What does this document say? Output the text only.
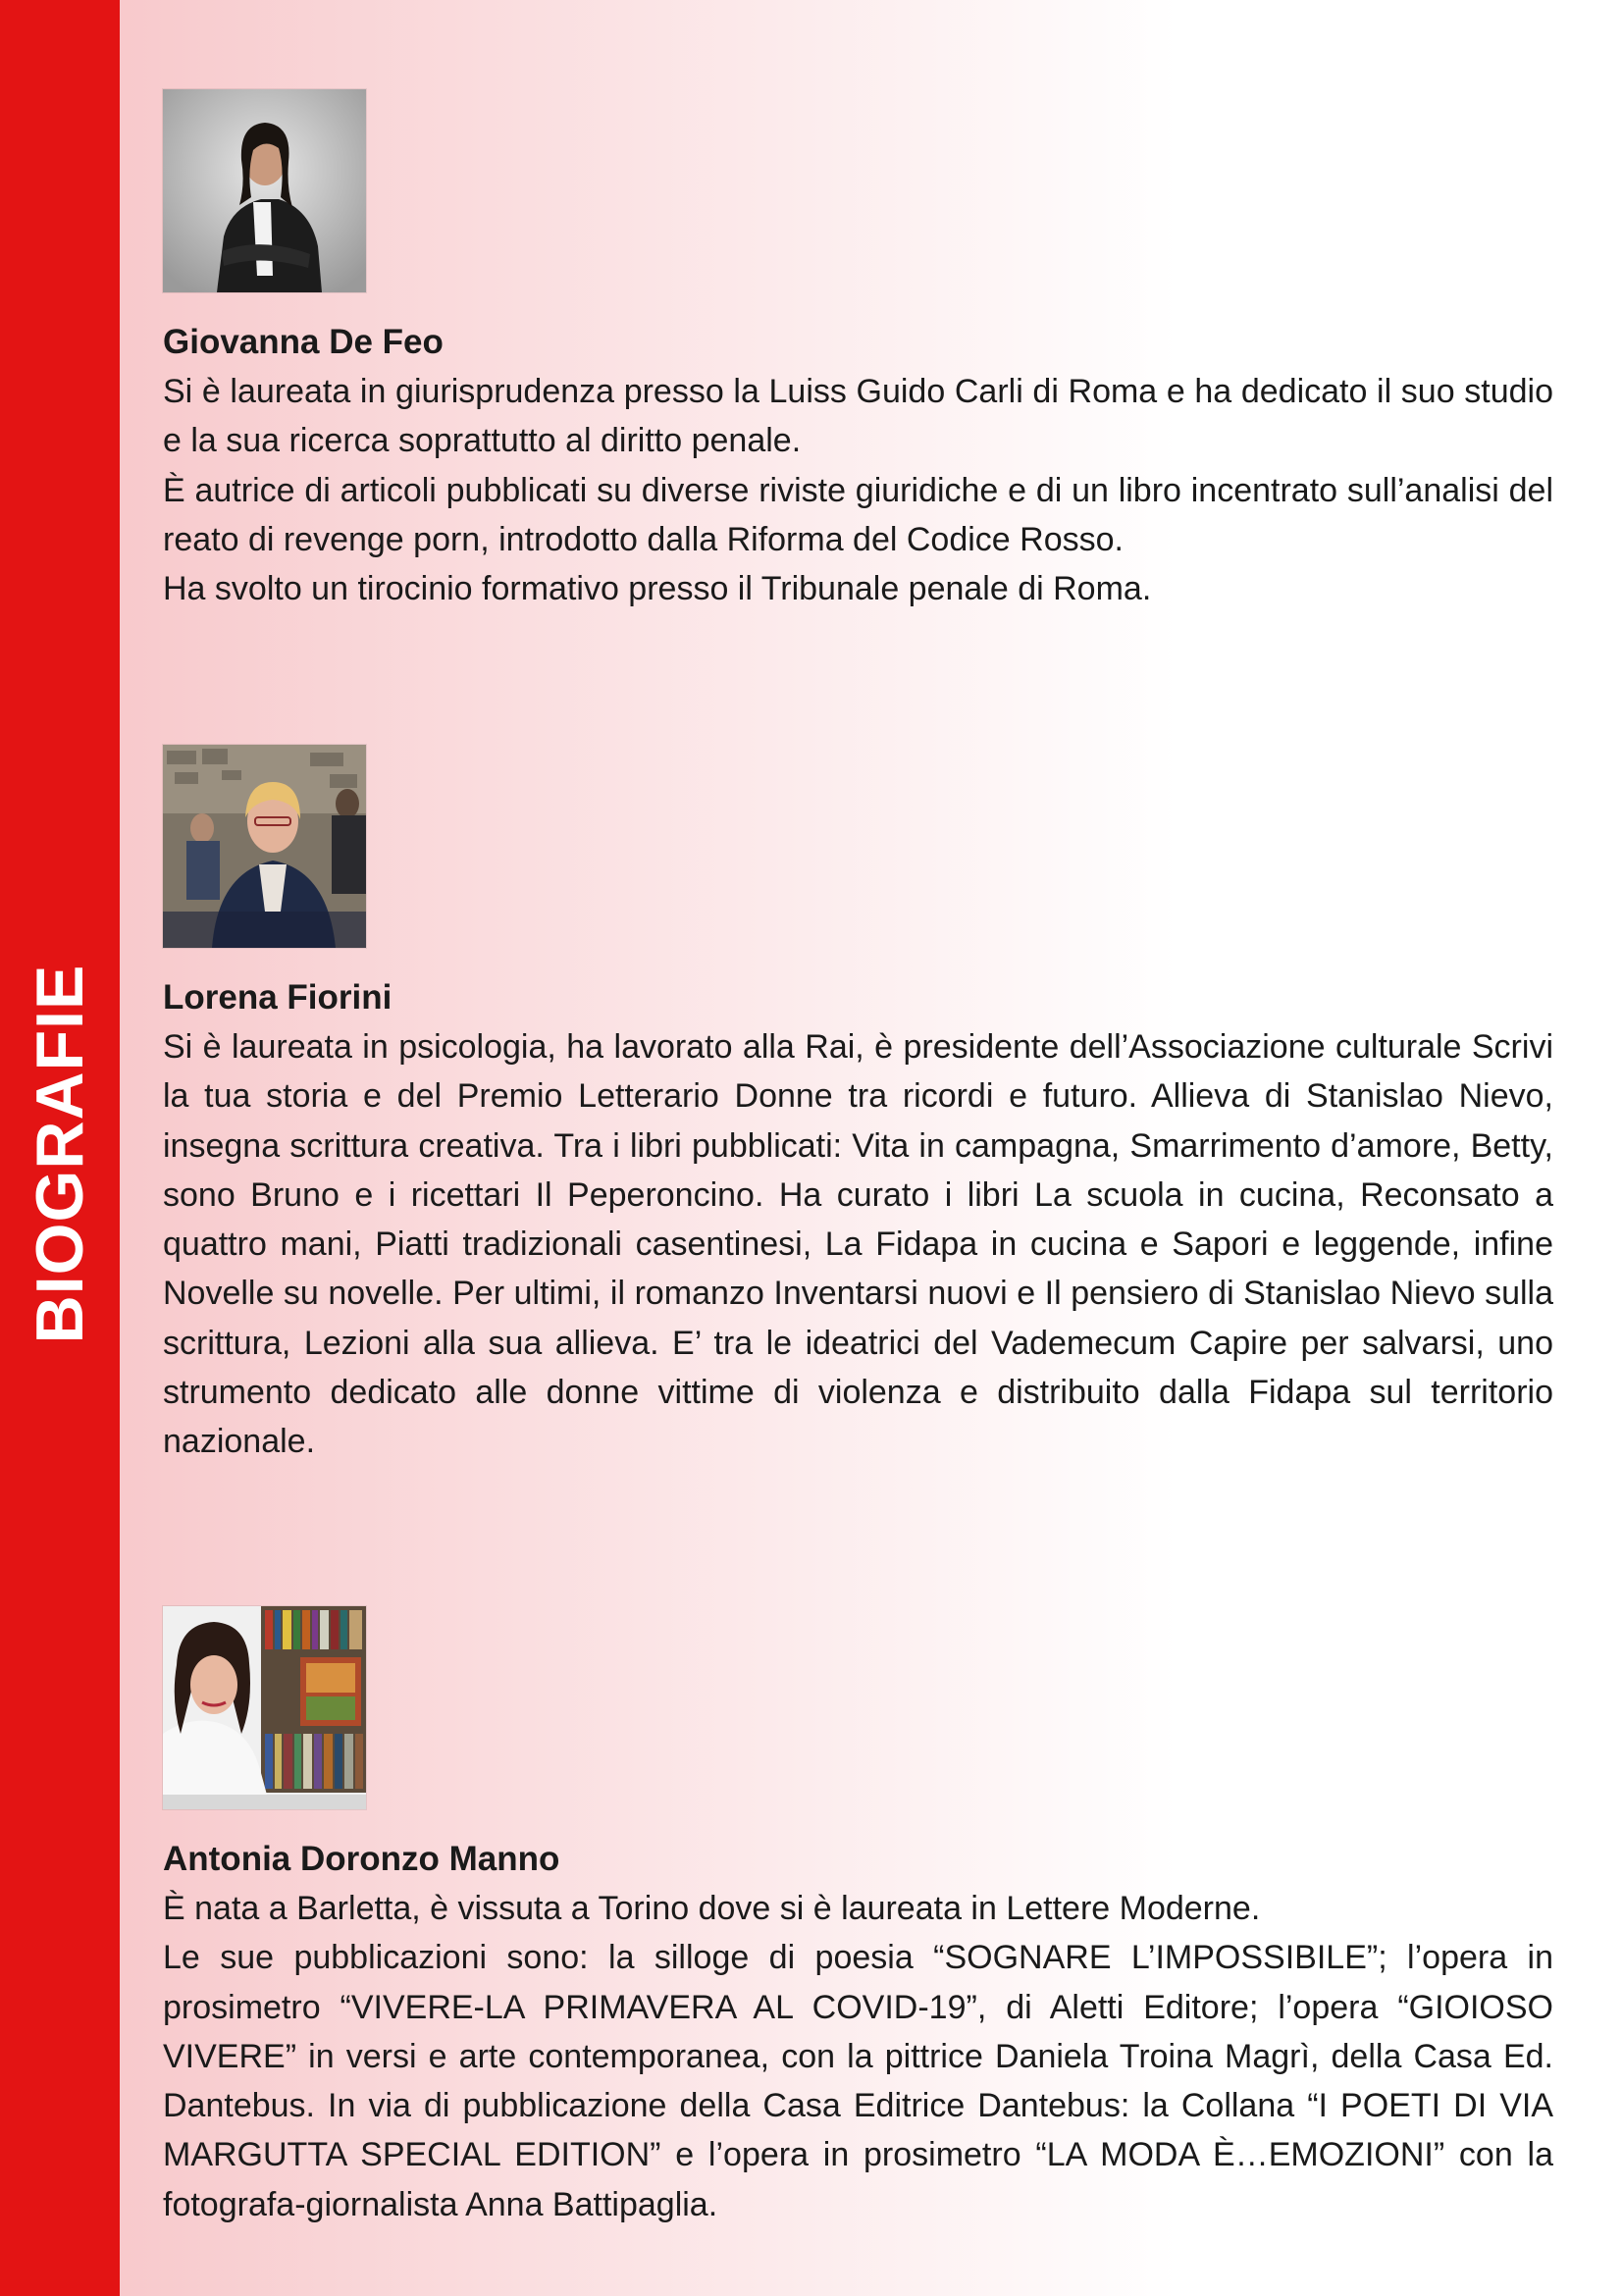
BIOGRAFIE
Giovanna De Feo

Si è laureata in giurisprudenza presso la Luiss Guido Carli di Roma e ha dedicato il suo studio e la sua ricerca soprattutto al diritto penale.

È autrice di articoli pubblicati su diverse riviste giuridiche e di un libro incentrato sull’analisi del reato di revenge porn, introdotto dalla Riforma del Codice Rosso.

Ha svolto un tirocinio formativo presso il Tribunale penale di Roma.

Lorena Fiorini

Si è laureata in psicologia, ha lavorato alla Rai, è presidente dell’Associazione culturale Scrivi la tua storia e del Premio Letterario Donne tra ricordi e futuro. Allieva di Stanislao Nievo, insegna scrittura creativa. Tra i libri pubblicati: Vita in campagna, Smarrimento d’amore, Betty, sono Bruno e i ricettari Il Peperoncino. Ha curato i libri La scuola in cucina, Reconsato a quattro mani, Piatti tradizionali casentinesi, La Fidapa in cucina e Sapori e leggende, infine Novelle su novelle. Per ultimi, il romanzo Inventarsi nuovi e Il pensiero di Stanislao Nievo sulla scrittura, Lezioni alla sua allieva. E’ tra le ideatrici del Vademecum Capire per salvarsi, uno strumento dedicato alle donne vittime di violenza e distribuito dalla Fidapa sul territorio nazionale.

Antonia Doronzo Manno

È nata a Barletta, è vissuta a Torino dove si è laureata in Lettere Moderne.

Le sue pubblicazioni sono: la silloge di poesia “SOGNARE L’IMPOSSIBILE”; l’opera in prosimetro “VIVERE-LA PRIMAVERA AL COVID-19”, di Aletti Editore; l’opera “GIOIOSO VIVERE” in versi e arte contemporanea, con la pittrice Daniela Troina Magrì, della Casa Ed. Dantebus. In via di pubblicazione della Casa Editrice Dantebus: la Collana “I POETI DI VIA MARGUTTA SPECIAL EDITION” e l’opera in prosimetro “LA MODA È…EMOZIONI” con la fotografa-giornalista Anna Battipaglia.
